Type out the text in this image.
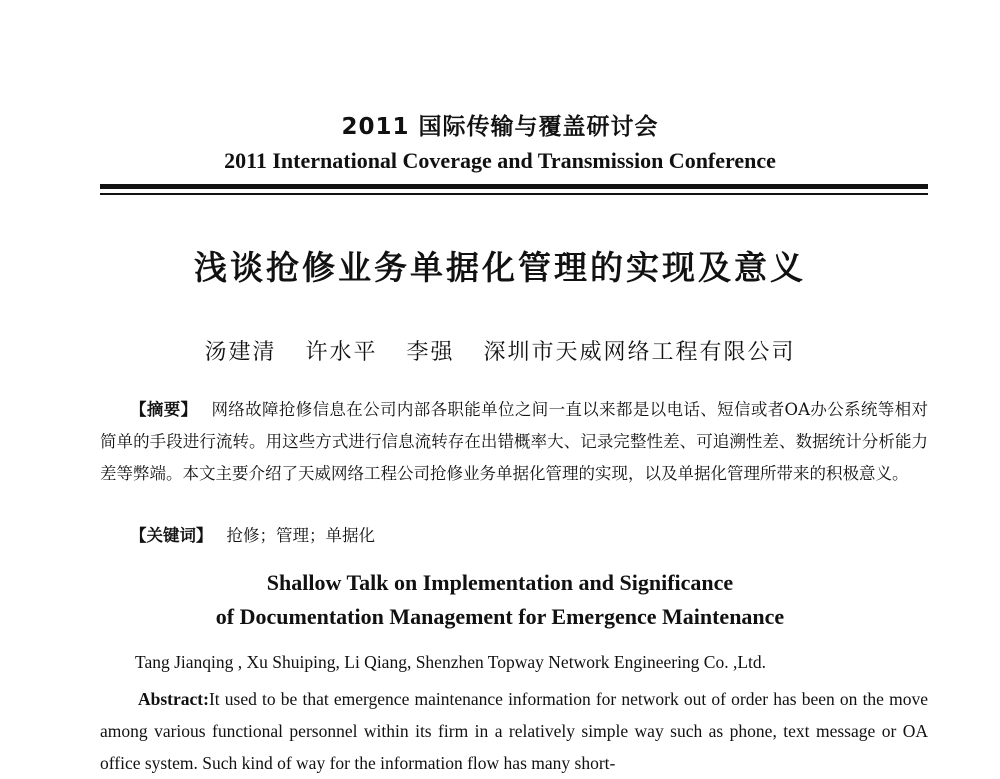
2011 国际传输与覆盖研讨会
2011 International Coverage and Transmission Conference
浅谈抢修业务单据化管理的实现及意义
汤建清 许水平 李强 深圳市天威网络工程有限公司
【摘要】 网络故障抢修信息在公司内部各职能单位之间一直以来都是以电话、短信或者OA办公系统等相对简单的手段进行流转。用这些方式进行信息流转存在出错概率大、记录完整性差、可追溯性差、数据统计分析能力差等弊端。本文主要介绍了天威网络工程公司抢修业务单据化管理的实现，以及单据化管理所带来的积极意义。
【关键词】 抢修；管理；单据化
Shallow Talk on Implementation and Significance
of Documentation Management for Emergence Maintenance
Tang Jianqing , Xu Shuiping, Li Qiang, Shenzhen Topway Network Engineering Co. ,Ltd.
Abstract:It used to be that emergence maintenance information for network out of order has been on the move among various functional personnel within its firm in a relatively simple way such as phone, text message or OA office system. Such kind of way for the information flow has many short-
